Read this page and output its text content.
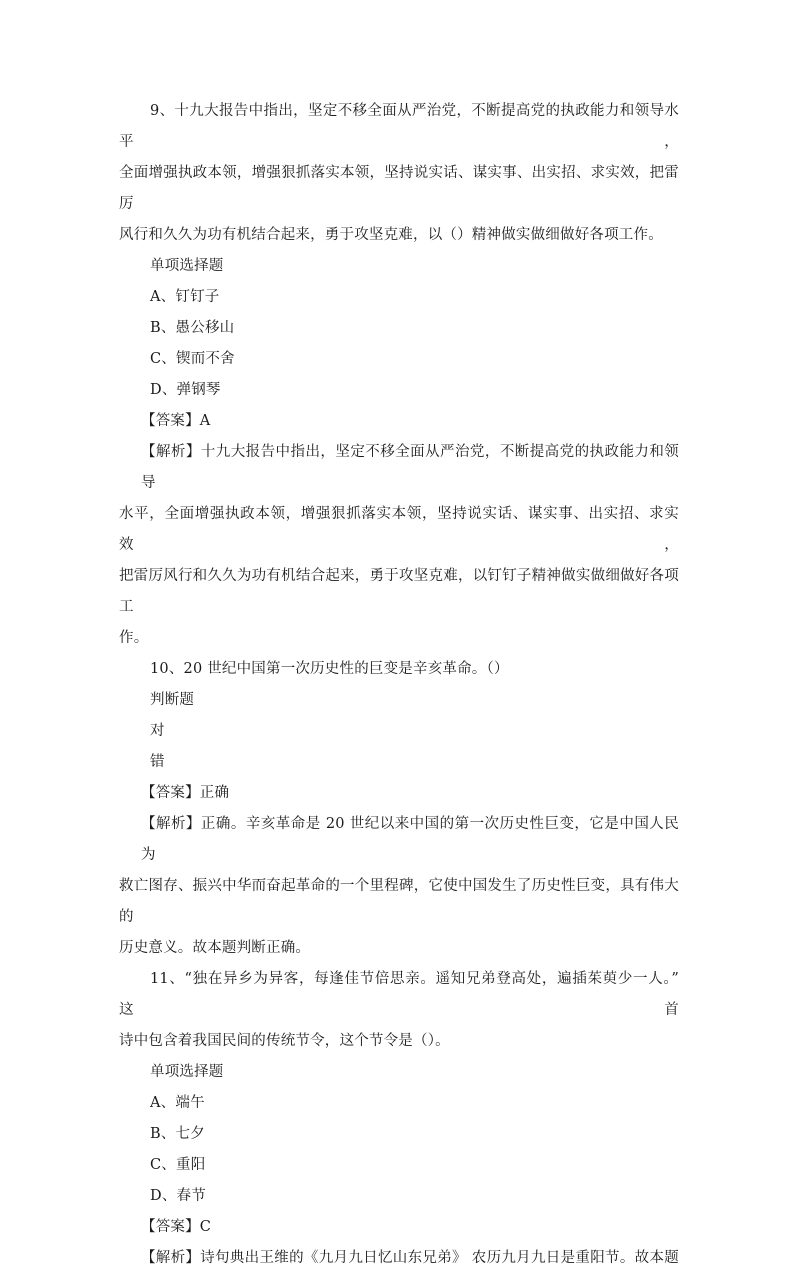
9、十九大报告中指出，坚定不移全面从严治党，不断提高党的执政能力和领导水平，

全面增强执政本领，增强狠抓落实本领，坚持说实话、谋实事、出实招、求实效，把雷厉

风行和久久为功有机结合起来，勇于攻坚克难，以（）精神做实做细做好各项工作。

单项选择题

A、钉钉子

B、愚公移山

C、锲而不舍

D、弹钢琴

【答案】A

【解析】十九大报告中指出，坚定不移全面从严治党，不断提高党的执政能力和领导

水平，全面增强执政本领，增强狠抓落实本领，坚持说实话、谋实事、出实招、求实效，

把雷厉风行和久久为功有机结合起来，勇于攻坚克难，以钉钉子精神做实做细做好各项工

作。

10、20 世纪中国第一次历史性的巨变是辛亥革命。（）

判断题

对

错

【答案】正确

【解析】正确。辛亥革命是 20 世纪以来中国的第一次历史性巨变，它是中国人民为

救亡图存、振兴中华而奋起革命的一个里程碑，它使中国发生了历史性巨变，具有伟大的

历史意义。故本题判断正确。

11、“独在异乡为异客，每逢佳节倍思亲。遥知兄弟登高处，遍插茱萸少一人。” 这首

诗中包含着我国民间的传统节令，这个节令是（）。

单项选择题

A、端午

B、七夕

C、重阳

D、春节

【答案】C

【解析】诗句典出王维的《九月九日忆山东兄弟》 农历九月九日是重阳节。故本题
